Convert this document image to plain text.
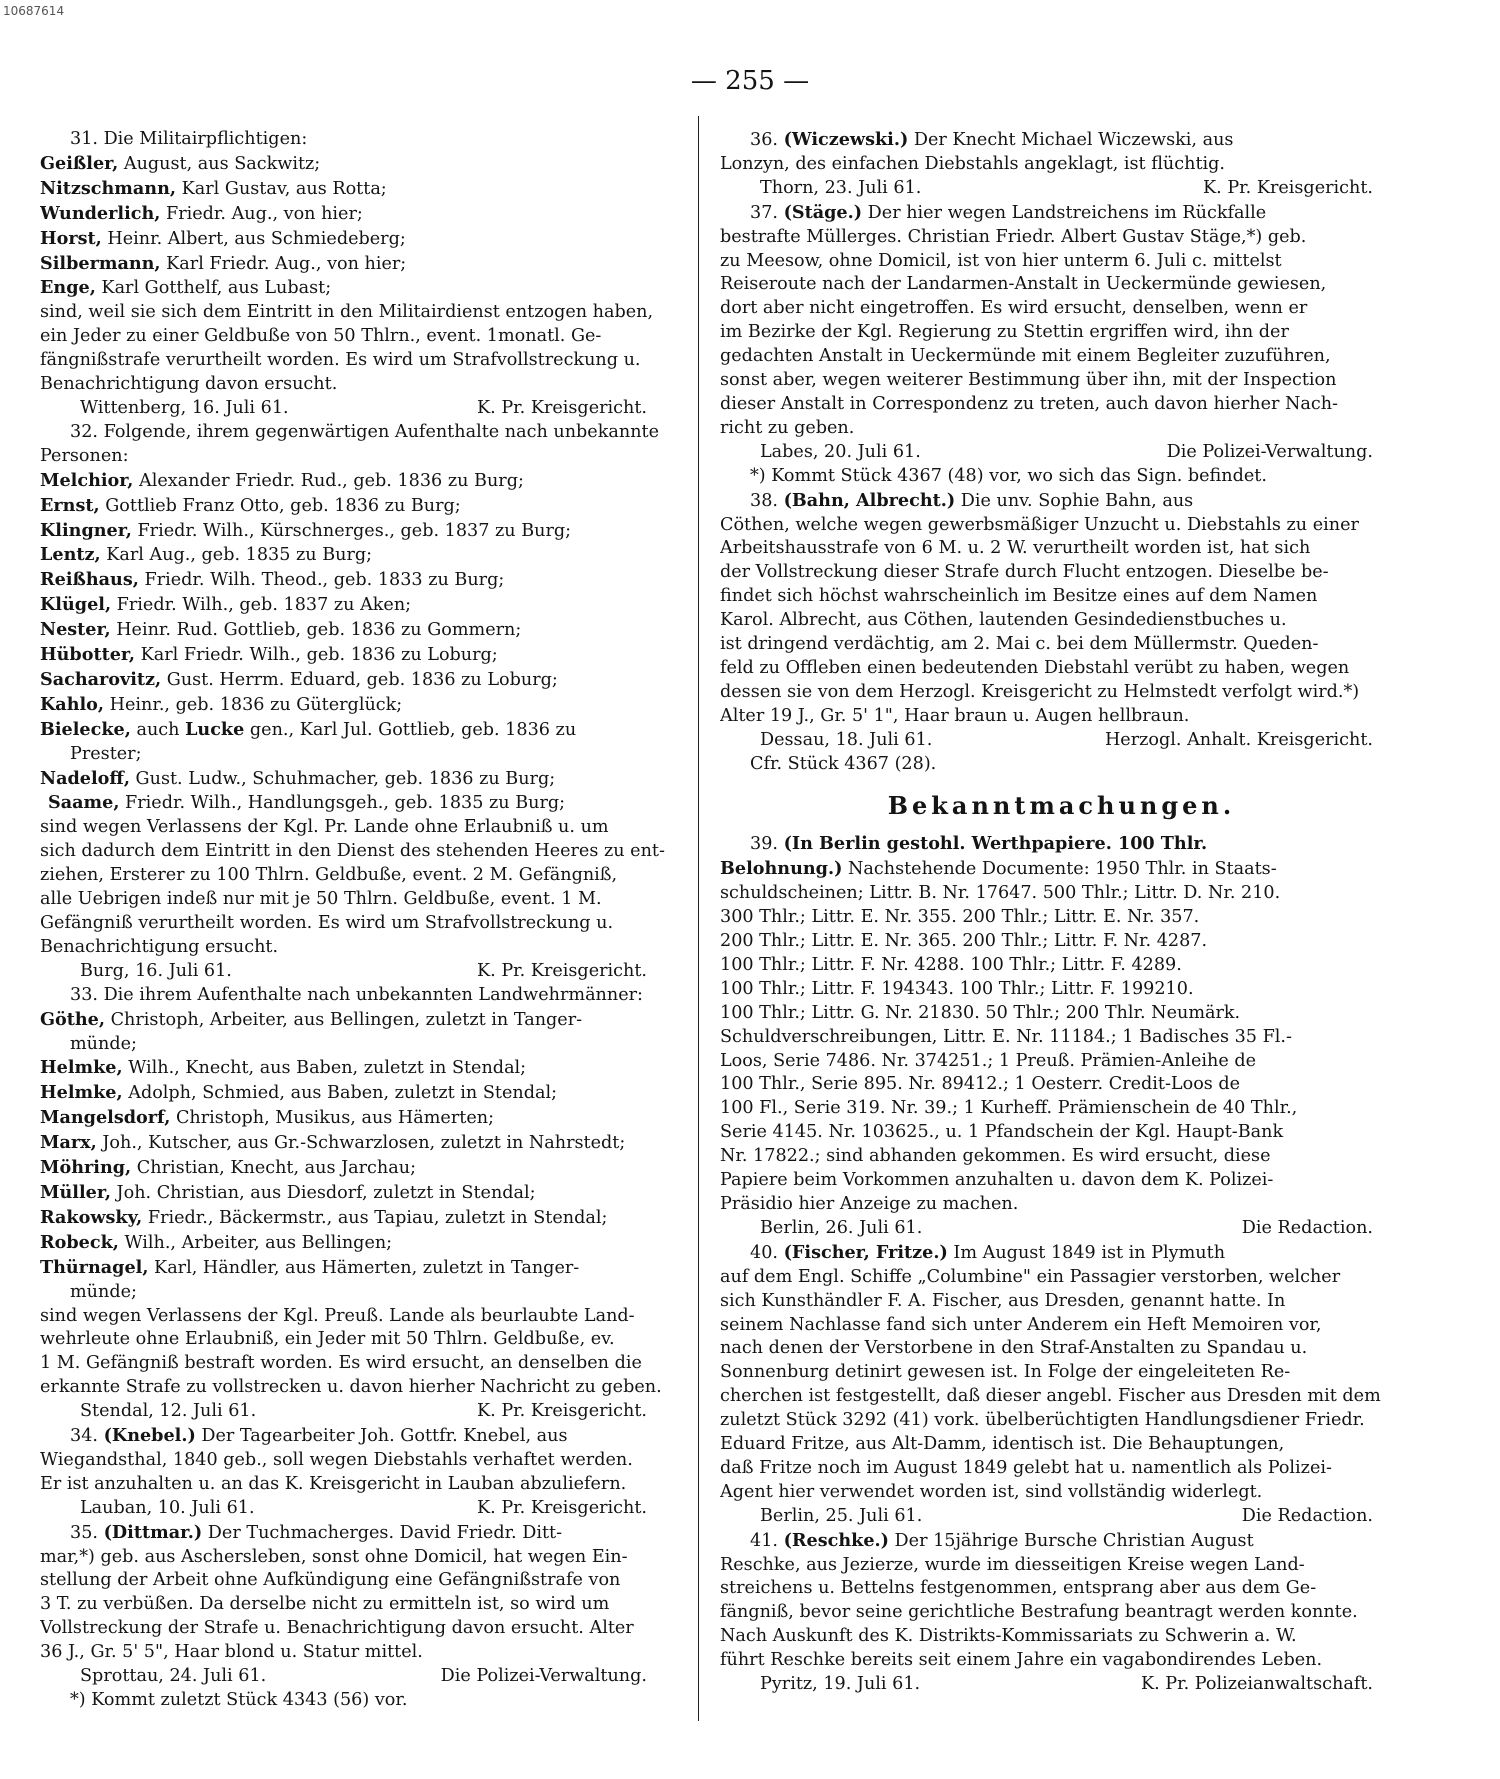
10687614
— 255 —
31. Die Militairpflichtigen:
Geißler, August, aus Sackwitz;
Nitzschmann, Karl Gustav, aus Rotta;
Wunderlich, Friedr. Aug., von hier;
Horst, Heinr. Albert, aus Schmiedeberg;
Silbermann, Karl Friedr. Aug., von hier;
Enge, Karl Gotthelf, aus Lubast;
sind, weil sie sich dem Eintritt in den Militairdienst entzogen haben,
ein Jeder zu einer Geldbuße von 50 Thlrn., event. 1monatl. Ge-
fängnißstrafe verurtheilt worden. Es wird um Strafvollstreckung u.
Benachrichtigung davon ersucht.
Wittenberg, 16. Juli 61.	K. Pr. Kreisgericht.
32. Folgende, ihrem gegenwärtigen Aufenthalte nach unbekannte
Personen:
Melchior, Alexander Friedr. Rud., geb. 1836 zu Burg;
Ernst, Gottlieb Franz Otto, geb. 1836 zu Burg;
Klingner, Friedr. Wilh., Kürschnerges., geb. 1837 zu Burg;
Lentz, Karl Aug., geb. 1835 zu Burg;
Reißhaus, Friedr. Wilh. Theod., geb. 1833 zu Burg;
Klügel, Friedr. Wilh., geb. 1837 zu Aken;
Nester, Heinr. Rud. Gottlieb, geb. 1836 zu Gommern;
Hübotter, Karl Friedr. Wilh., geb. 1836 zu Loburg;
Sacharovitz, Gust. Herrm. Eduard, geb. 1836 zu Loburg;
Kahlo, Heinr., geb. 1836 zu Güterglück;
Bielecke, auch Lucke gen., Karl Jul. Gottlieb, geb. 1836 zu
Prester;
Nadeloff, Gust. Ludw., Schuhmacher, geb. 1836 zu Burg;
Saame, Friedr. Wilh., Handlungsgeh., geb. 1835 zu Burg;
sind wegen Verlassens der Kgl. Pr. Lande ohne Erlaubniß u. um
sich dadurch dem Eintritt in den Dienst des stehenden Heeres zu ent-
ziehen, Ersterer zu 100 Thlrn. Geldbuße, event. 2 M. Gefängniß,
alle Uebrigen indeß nur mit je 50 Thlrn. Geldbuße, event. 1 M.
Gefängniß verurtheilt worden. Es wird um Strafvollstreckung u.
Benachrichtigung ersucht.
Burg, 16. Juli 61.	K. Pr. Kreisgericht.
33. Die ihrem Aufenthalte nach unbekannten Landwehrmänner:
Göthe, Christoph, Arbeiter, aus Bellingen, zuletzt in Tanger-
münde;
Helmke, Wilh., Knecht, aus Baben, zuletzt in Stendal;
Helmke, Adolph, Schmied, aus Baben, zuletzt in Stendal;
Mangelsdorf, Christoph, Musikus, aus Hämerten;
Marx, Joh., Kutscher, aus Gr.-Schwarzlosen, zuletzt in Nahrstedt;
Möhring, Christian, Knecht, aus Jarchau;
Müller, Joh. Christian, aus Diesdorf, zuletzt in Stendal;
Rakowsky, Friedr., Bäckermstr., aus Tapiau, zuletzt in Stendal;
Robeck, Wilh., Arbeiter, aus Bellingen;
Thürnagel, Karl, Händler, aus Hämerten, zuletzt in Tanger-
münde;
sind wegen Verlassens der Kgl. Preuß. Lande als beurlaubte Land-
wehrleute ohne Erlaubniß, ein Jeder mit 50 Thlrn. Geldbuße, ev.
1 M. Gefängniß bestraft worden. Es wird ersucht, an denselben die
erkannte Strafe zu vollstrecken u. davon hierher Nachricht zu geben.
Stendal, 12. Juli 61.	K. Pr. Kreisgericht.
34. (Knebel.) Der Tagearbeiter Joh. Gottfr. Knebel, aus
Wiegandsthal, 1840 geb., soll wegen Diebstahls verhaftet werden.
Er ist anzuhalten u. an das K. Kreisgericht in Lauban abzuliefern.
Lauban, 10. Juli 61.	K. Pr. Kreisgericht.
35. (Dittmar.) Der Tuchmacherges. David Friedr. Ditt-
mar,*) geb. aus Aschersleben, sonst ohne Domicil, hat wegen Ein-
stellung der Arbeit ohne Aufkündigung eine Gefängnißstrafe von
3 T. zu verbüßen. Da derselbe nicht zu ermitteln ist, so wird um
Vollstreckung der Strafe u. Benachrichtigung davon ersucht. Alter
36 J., Gr. 5' 5", Haar blond u. Statur mittel.
Sprottau, 24. Juli 61.	Die Polizei-Verwaltung.
*) Kommt zuletzt Stück 4343 (56) vor.
36. (Wiczewski.) Der Knecht Michael Wiczewski, aus
Lonzyn, des einfachen Diebstahls angeklagt, ist flüchtig.
Thorn, 23. Juli 61.	K. Pr. Kreisgericht.
37. (Stäge.) Der hier wegen Landstreichens im Rückfalle
bestrafte Müllerges. Christian Friedr. Albert Gustav Stäge,*) geb.
zu Meesow, ohne Domicil, ist von hier unterm 6. Juli c. mittelst
Reiseroute nach der Landarmen-Anstalt in Ueckermünde gewiesen,
dort aber nicht eingetroffen. Es wird ersucht, denselben, wenn er
im Bezirke der Kgl. Regierung zu Stettin ergriffen wird, ihn der
gedachten Anstalt in Ueckermünde mit einem Begleiter zuzuführen,
sonst aber, wegen weiterer Bestimmung über ihn, mit der Inspection
dieser Anstalt in Correspondenz zu treten, auch davon hierher Nach-
richt zu geben.
Labes, 20. Juli 61.	Die Polizei-Verwaltung.
*) Kommt Stück 4367 (48) vor, wo sich das Sign. befindet.
38. (Bahn, Albrecht.) Die unv. Sophie Bahn, aus
Cöthen, welche wegen gewerbsmäßiger Unzucht u. Diebstahls zu einer
Arbeitshausstrafe von 6 M. u. 2 W. verurtheilt worden ist, hat sich
der Vollstreckung dieser Strafe durch Flucht entzogen. Dieselbe be-
findet sich höchst wahrscheinlich im Besitze eines auf dem Namen
Karol. Albrecht, aus Cöthen, lautenden Gesindedienstbuches u.
ist dringend verdächtig, am 2. Mai c. bei dem Müllermstr. Queden-
feld zu Offleben einen bedeutenden Diebstahl verübt zu haben, wegen
dessen sie von dem Herzogl. Kreisgericht zu Helmstedt verfolgt wird.*)
Alter 19 J., Gr. 5' 1", Haar braun u. Augen hellbraun.
Dessau, 18. Juli 61.	Herzogl. Anhalt. Kreisgericht.
Cfr. Stück 4367 (28).
Bekanntmachungen.
39. (In Berlin gestohl. Werthpapiere. 100 Thlr.
Belohnung.) Nachstehende Documente: 1950 Thlr. in Staats-
schuldscheinen; Littr. B. Nr. 17647. 500 Thlr.; Littr. D. Nr. 210.
300 Thlr.; Littr. E. Nr. 355. 200 Thlr.; Littr. E. Nr. 357.
200 Thlr.; Littr. E. Nr. 365. 200 Thlr.; Littr. F. Nr. 4287.
100 Thlr.; Littr. F. Nr. 4288. 100 Thlr.; Littr. F. 4289.
100 Thlr.; Littr. F. 194343. 100 Thlr.; Littr. F. 199210.
100 Thlr.; Littr. G. Nr. 21830. 50 Thlr.; 200 Thlr. Neumärk.
Schuldverschreibungen, Littr. E. Nr. 11184.; 1 Badisches 35 Fl.-
Loos, Serie 7486. Nr. 374251.; 1 Preuß. Prämien-Anleihe de
100 Thlr., Serie 895. Nr. 89412.; 1 Oesterr. Credit-Loos de
100 Fl., Serie 319. Nr. 39.; 1 Kurheff. Prämienschein de 40 Thlr.,
Serie 4145. Nr. 103625., u. 1 Pfandschein der Kgl. Haupt-Bank
Nr. 17822.; sind abhanden gekommen. Es wird ersucht, diese
Papiere beim Vorkommen anzuhalten u. davon dem K. Polizei-
Präsidio hier Anzeige zu machen.
Berlin, 26. Juli 61.	Die Redaction.
40. (Fischer, Fritze.) Im August 1849 ist in Plymuth
auf dem Engl. Schiffe „Columbine" ein Passagier verstorben, welcher
sich Kunsthändler F. A. Fischer, aus Dresden, genannt hatte. In
seinem Nachlasse fand sich unter Anderem ein Heft Memoiren vor,
nach denen der Verstorbene in den Straf-Anstalten zu Spandau u.
Sonnenburg detinirt gewesen ist. In Folge der eingeleiteten Re-
cherchen ist festgestellt, daß dieser angebl. Fischer aus Dresden mit dem
zuletzt Stück 3292 (41) vork. übelberüchtigten Handlungsdiener Friedr.
Eduard Fritze, aus Alt-Damm, identisch ist. Die Behauptungen,
daß Fritze noch im August 1849 gelebt hat u. namentlich als Polizei-
Agent hier verwendet worden ist, sind vollständig widerlegt.
Berlin, 25. Juli 61.	Die Redaction.
41. (Reschke.) Der 15jährige Bursche Christian August
Reschke, aus Jezierze, wurde im diesseitigen Kreise wegen Land-
streichens u. Bettelns festgenommen, entsprang aber aus dem Ge-
fängniß, bevor seine gerichtliche Bestrafung beantragt werden konnte.
Nach Auskunft des K. Distrikts-Kommissariats zu Schwerin a. W.
führt Reschke bereits seit einem Jahre ein vagabondirendes Leben.
Pyritz, 19. Juli 61.	K. Pr. Polizeianwaltschaft.
